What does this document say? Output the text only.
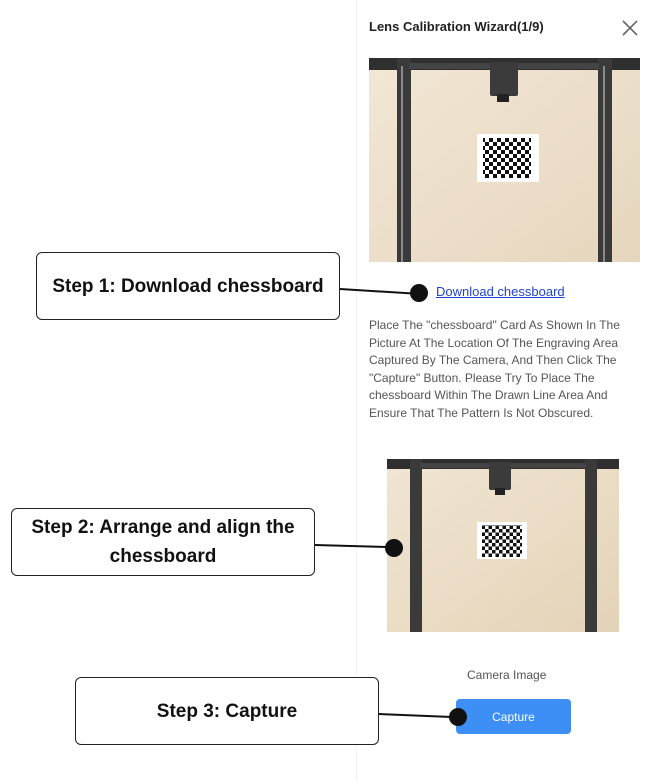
Lens Calibration Wizard(1/9)
Download chessboard
Place The "chessboard" Card As Shown In The Picture At The Location Of The Engraving Area Captured By The Camera, And Then Click The "Capture" Button. Please Try To Place The chessboard Within The Drawn Line Area And Ensure That The Pattern Is Not Obscured.
Camera Image
Capture
Step 1: Download chessboard
Step 2: Arrange and align the chessboard
Step 3: Capture
